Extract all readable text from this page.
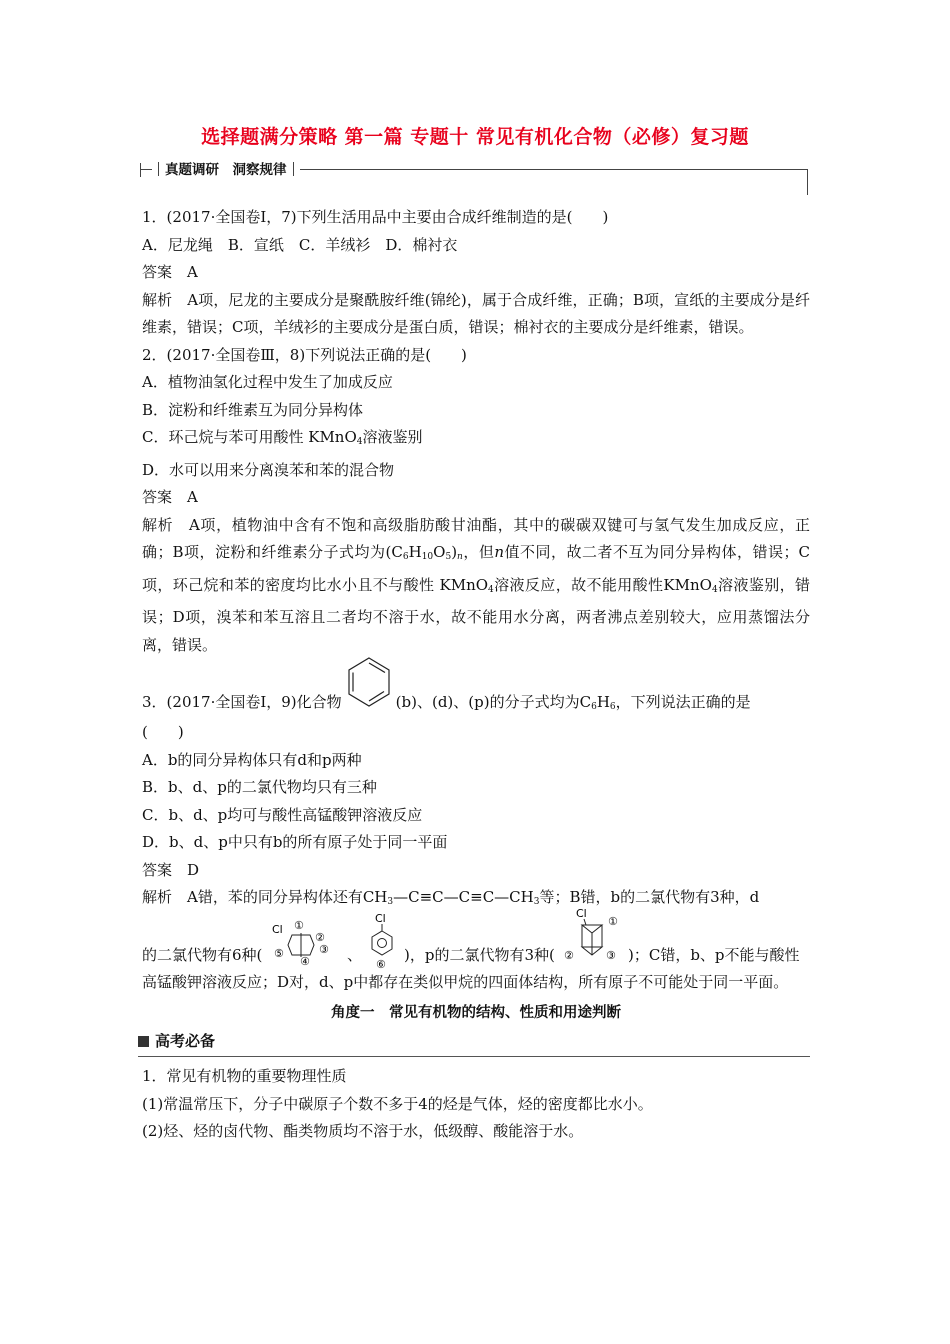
选择题满分策略 第一篇 专题十 常见有机化合物（必修）复习题
真题调研　洞察规律
1．(2017·全国卷Ⅰ，7)下列生活用品中主要由合成纤维制造的是(　　)
A．尼龙绳　B．宣纸　C．羊绒衫　D．棉衬衣
答案　A
解析　A项，尼龙的主要成分是聚酰胺纤维(锦纶)，属于合成纤维，正确；B项，宣纸的主要成分是纤维素，错误；C项，羊绒衫的主要成分是蛋白质，错误；棉衬衣的主要成分是纤维素，错误。
2．(2017·全国卷Ⅲ，8)下列说法正确的是(　　)
A．植物油氢化过程中发生了加成反应
B．淀粉和纤维素互为同分异构体
C．环己烷与苯可用酸性 KMnO$_4$溶液鉴别
D．水可以用来分离溴苯和苯的混合物
答案　A
解析　A项，植物油中含有不饱和高级脂肪酸甘油酯，其中的碳碳双键可与氢气发生加成反应，正确；B项，淀粉和纤维素分子式均为$(C_6H_{10}O_5)_n$，但n值不同，故二者不互为同分异构体，错误；C项，环己烷和苯的密度均比水小且不与酸性 KMnO$_4$溶液反应，故不能用酸性KMnO$_4$溶液鉴别，错误；D项，溴苯和苯互溶且二者均不溶于水，故不能用水分离，两者沸点差别较大，应用蒸馏法分离，错误。
3．(2017·全国卷Ⅰ，9)化合物	(b)、(d)、(p)的分子式均为$C_6H_6$，下列说法正确的是
(　　)
A．b的同分异构体只有d和p两种
B．b、d、p的二氯代物均只有三种
C．b、d、p均可与酸性高锰酸钾溶液反应
D．b、d、p中只有b的所有原子处于同一平面
答案　D
解析　A错，苯的同分异构体还有$CH_3—C\equiv C—C\equiv C—CH_3$等；B错，b的二氯代物有3种，d
的二氯代物有6种(
Cl ①
②
③
④
⑤	、
Cl
⑥
)，p的二氯代物有3种(
Cl
①
②	③ )；C错，b、p不能与酸性
高锰酸钾溶液反应；D对，d、p中都存在类似甲烷的四面体结构，所有原子不可能处于同一平面。
角度一　常见有机物的结构、性质和用途判断
高考必备
1．常见有机物的重要物理性质
(1)常温常压下，分子中碳原子个数不多于4的烃是气体，烃的密度都比水小。
(2)烃、烃的卤代物、酯类物质均不溶于水，低级醇、酸能溶于水。
